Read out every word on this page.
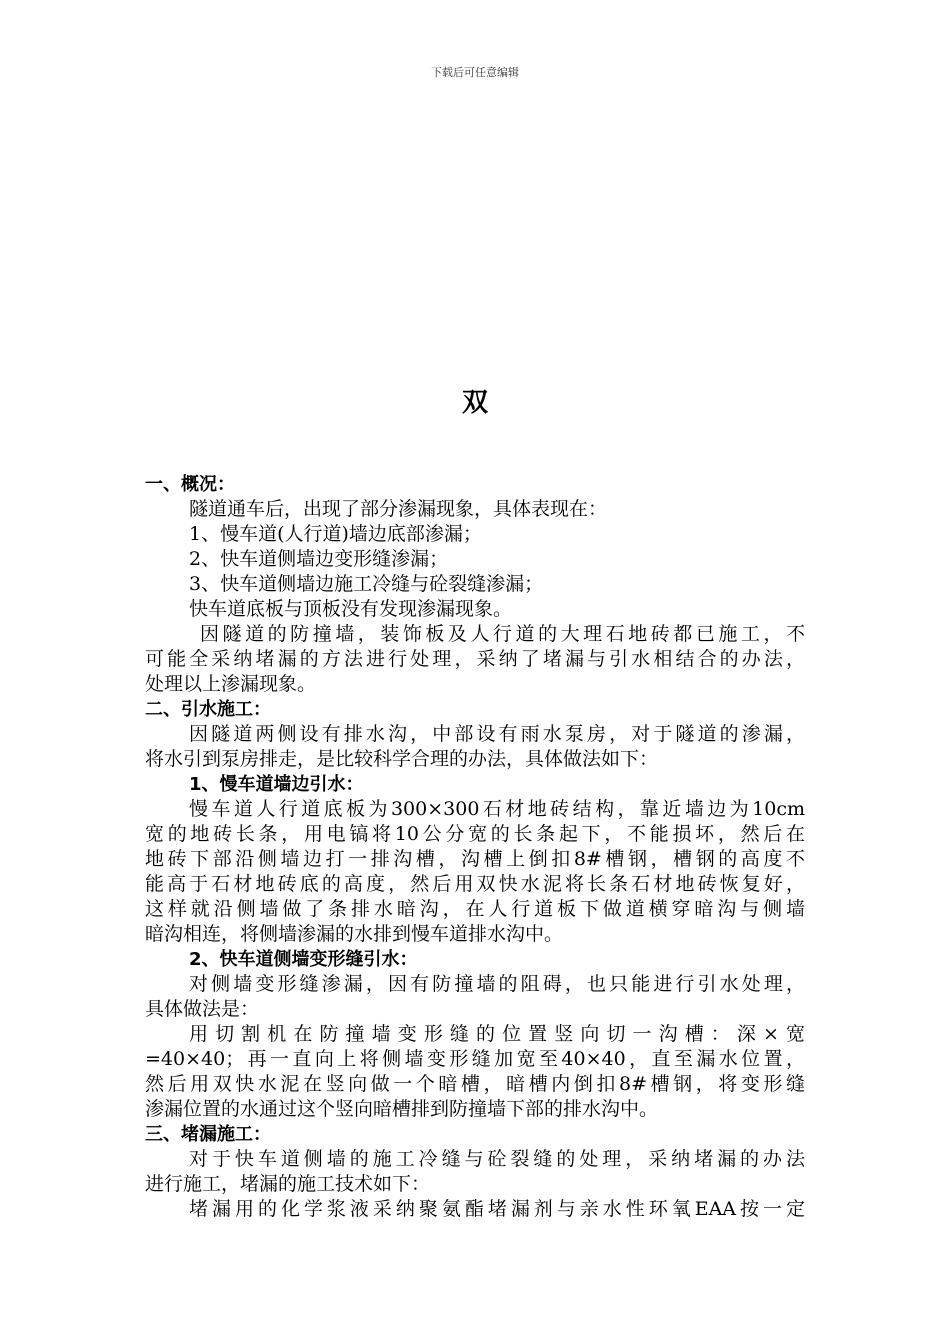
下载后可任意编辑
双
一、概况：
隧道通车后，出现了部分渗漏现象，具体表现在：
1、慢车道(人行道)墙边底部渗漏；
2、快车道侧墙边变形缝渗漏；
3、快车道侧墙边施工冷缝与砼裂缝渗漏；
快车道底板与顶板没有发现渗漏现象。
因隧道的防撞墙，装饰板及人行道的大理石地砖都已施工，不
可能全采纳堵漏的方法进行处理，采纳了堵漏与引水相结合的办法，
处理以上渗漏现象。
二、引水施工：
因隧道两侧设有排水沟，中部设有雨水泵房，对于隧道的渗漏，
将水引到泵房排走，是比较科学合理的办法，具体做法如下：
1、慢车道墙边引水：
慢车道人行道底板为300×300石材地砖结构，靠近墙边为10cm
宽的地砖长条，用电镐将10公分宽的长条起下，不能损坏，然后在
地砖下部沿侧墙边打一排沟槽，沟槽上倒扣8#槽钢，槽钢的高度不
能高于石材地砖底的高度，然后用双快水泥将长条石材地砖恢复好，
这样就沿侧墙做了条排水暗沟，在人行道板下做道横穿暗沟与侧墙
暗沟相连，将侧墙渗漏的水排到慢车道排水沟中。
2、快车道侧墙变形缝引水：
对侧墙变形缝渗漏，因有防撞墙的阻碍，也只能进行引水处理，
具体做法是：
用切割机在防撞墙变形缝的位置竖向切一沟槽：深×宽
=40×40；再一直向上将侧墙变形缝加宽至40×40，直至漏水位置，
然后用双快水泥在竖向做一个暗槽，暗槽内倒扣8#槽钢，将变形缝
渗漏位置的水通过这个竖向暗槽排到防撞墙下部的排水沟中。
三、堵漏施工：
对于快车道侧墙的施工冷缝与砼裂缝的处理，采纳堵漏的办法
进行施工，堵漏的施工技术如下：
堵漏用的化学浆液采纳聚氨酯堵漏剂与亲水性环氧EAA按一定
